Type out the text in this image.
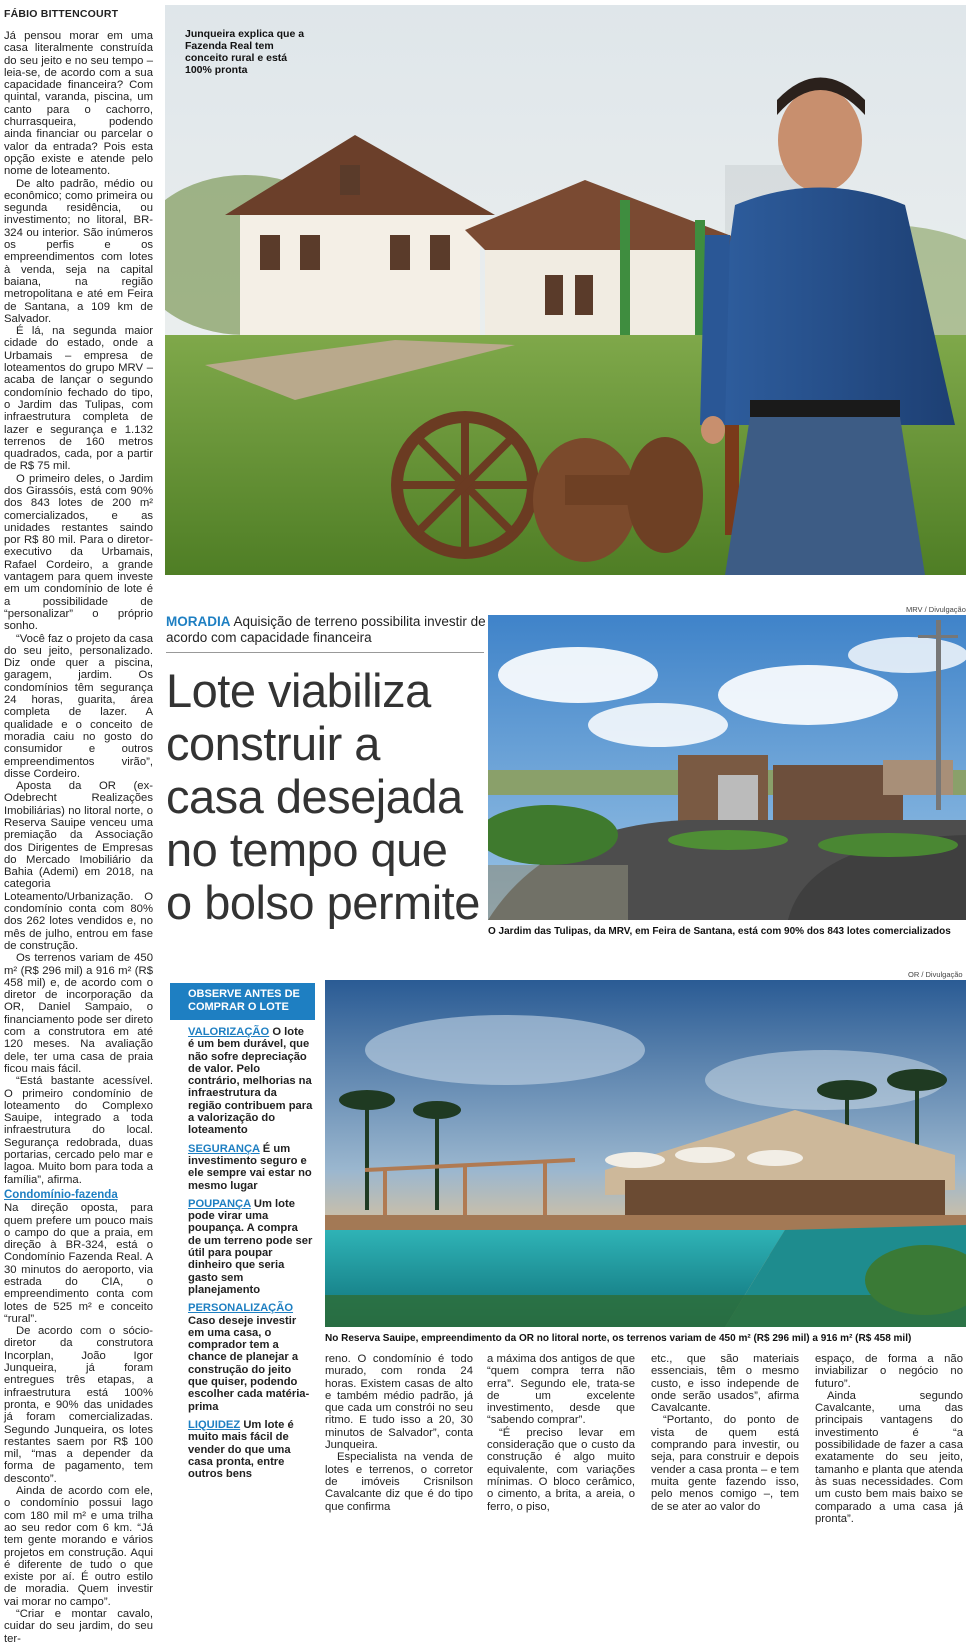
FÁBIO BITTENCOURT

Já pensou morar em uma casa literalmente construída do seu jeito e no seu tempo – leia-se, de acordo com a sua capacidade financeira? Com quintal, varanda, piscina, um canto para o cachorro, churrasqueira, podendo ainda financiar ou parcelar o valor da entrada? Pois esta opção existe e atende pelo nome de loteamento.

De alto padrão, médio ou econômico; como primeira ou segunda residência, ou investimento; no litoral, BR-324 ou interior. São inúmeros os perfis e os empreendimentos com lotes à venda, seja na capital baiana, na região metropolitana e até em Feira de Santana, a 109 km de Salvador.

É lá, na segunda maior cidade do estado, onde a Urbamais – empresa de loteamentos do grupo MRV – acaba de lançar o segundo condomínio fechado do tipo, o Jardim das Tulipas, com infraestrutura completa de lazer e segurança e 1.132 terrenos de 160 metros quadrados, cada, por a partir de R$ 75 mil.

O primeiro deles, o Jardim dos Girassóis, está com 90% dos 843 lotes de 200 m² comercializados, e as unidades restantes saindo por R$ 80 mil. Para o diretor-executivo da Urbamais, Rafael Cordeiro, a grande vantagem para quem investe em um condomínio de lote é a possibilidade de “personalizar” o próprio sonho.

“Você faz o projeto da casa do seu jeito, personalizado. Diz onde quer a piscina, garagem, jardim. Os condomínios têm segurança 24 horas, guarita, área completa de lazer. A qualidade e o conceito de moradia caiu no gosto do consumidor e outros empreendimentos virão”, disse Cordeiro.

Aposta da OR (ex-Odebrecht Realizações Imobiliárias) no litoral norte, o Reserva Sauipe venceu uma premiação da Associação dos Dirigentes de Empresas do Mercado Imobiliário da Bahia (Ademi) em 2018, na categoria Loteamento/Urbanização. O condomínio conta com 80% dos 262 lotes vendidos e, no mês de julho, entrou em fase de construção.

Os terrenos variam de 450 m² (R$ 296 mil) a 916 m² (R$ 458 mil) e, de acordo com o diretor de incorporação da OR, Daniel Sampaio, o financiamento pode ser direto com a construtora em até 120 meses. Na avaliação dele, ter uma casa de praia ficou mais fácil.

“Está bastante acessível. O primeiro condomínio de loteamento do Complexo Sauipe, integrado a toda infraestrutura do local. Segurança redobrada, duas portarias, cercado pelo mar e lagoa. Muito bom para toda a família”, afirma.

Condomínio-fazenda

Na direção oposta, para quem prefere um pouco mais o campo do que a praia, em direção à BR-324, está o Condomínio Fazenda Real. A 30 minutos do aeroporto, via estrada do CIA, o empreendimento conta com lotes de 525 m² e conceito “rural”.

De acordo com o sócio-diretor da construtora Incorplan, João Igor Junqueira, já foram entregues três etapas, a infraestrutura está 100% pronta, e 90% das unidades já foram comercializadas. Segundo Junqueira, os lotes restantes saem por R$ 100 mil, “mas a depender da forma de pagamento, tem desconto”.

Ainda de acordo com ele, o condomínio possui lago com 180 mil m² e uma trilha ao seu redor com 6 km. “Já tem gente morando e vários projetos em construção. Aqui é diferente de tudo o que existe por aí. É outro estilo de moradia. Quem investir vai morar no campo”.

“Criar e montar cavalo, cuidar do seu jardim, do seu ter-

Junqueira explica que a Fazenda Real tem conceito rural e está 100% pronta
MORADIA Aquisição de terreno possibilita investir de acordo com capacidade financeira
Lote viabiliza construir a casa desejada no tempo que o bolso permite
MRV / Divulgação
O Jardim das Tulipas, da MRV, em Feira de Santana, está com 90% dos 843 lotes comercializados
OBSERVE ANTES DE COMPRAR O LOTE
VALORIZAÇÃO O lote é um bem durável, que não sofre depreciação de valor. Pelo contrário, melhorias na infraestrutura da região contribuem para a valorização do loteamento
SEGURANÇA É um investimento seguro e ele sempre vai estar no mesmo lugar
POUPANÇA Um lote pode virar uma poupança. A compra de um terreno pode ser útil para poupar dinheiro que seria gasto sem planejamento
PERSONALIZAÇÃO Caso deseje investir em uma casa, o comprador tem a chance de planejar a construção do jeito que quiser, podendo escolher cada matéria-prima
LIQUIDEZ Um lote é muito mais fácil de vender do que uma casa pronta, entre outros bens
OR / Divulgação
No Reserva Sauipe, empreendimento da OR no litoral norte, os terrenos variam de 450 m² (R$ 296 mil) a 916 m² (R$ 458 mil)

reno. O condomínio é todo murado, com ronda 24 horas. Existem casas de alto e também médio padrão, já que cada um constrói no seu ritmo. E tudo isso a 20, 30 minutos de Salvador”, conta Junqueira.

Especialista na venda de lotes e terrenos, o corretor de imóveis Crisnilson Cavalcante diz que é do tipo que confirma

a máxima dos antigos de que “quem compra terra não erra”. Segundo ele, trata-se de um excelente investimento, desde que “sabendo comprar”.

“É preciso levar em consideração que o custo da construção é algo muito equivalente, com variações mínimas. O bloco cerâmico, o cimento, a brita, a areia, o ferro, o piso,

etc., que são materiais essenciais, têm o mesmo custo, e isso independe de onde serão usados”, afirma Cavalcante.

“Portanto, do ponto de vista de quem está comprando para investir, ou seja, para construir e depois vender a casa pronta – e tem muita gente fazendo isso, pelo menos comigo –, tem de se ater ao valor do

espaço, de forma a não inviabilizar o negócio no futuro”.

Ainda segundo Cavalcante, uma das principais vantagens do investimento é “a possibilidade de fazer a casa exatamente do seu jeito, tamanho e planta que atenda às suas necessidades. Com um custo bem mais baixo se comparado a uma casa já pronta”.
